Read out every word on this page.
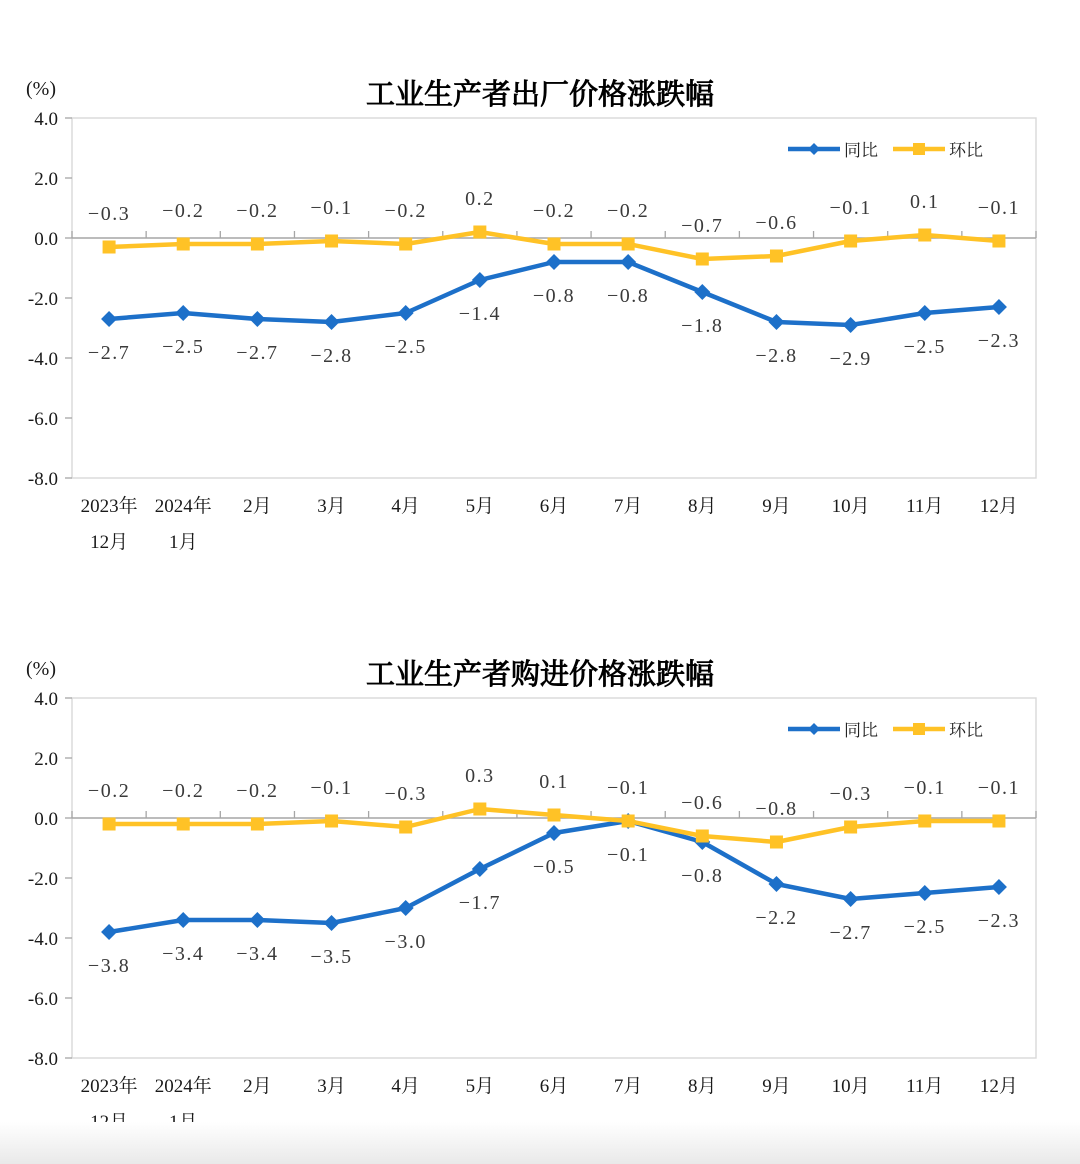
(%)	工业生产者出厂价格涨跌幅
4.0
2.0
0.0
-2.0
-4.0
-6.0
-8.0
−2.7 −2.5 −2.7 −2.8 −2.5
−1.4
−0.8 −0.8
−1.8
−2.8 −2.9
−2.5 −2.3
−0.3 −0.2 −0.2 −0.1 −0.2
0.2
−0.2 −0.2
−0.7 −0.6
−0.1 0.1 −0.1
同比	环比
2023年
12月
2024年
1月
2月 3月 4月 5月 6月 7月 8月 9月 10月 11月 12月
(%)	工业生产者购进价格涨跌幅
4.0
2.0
0.0
-2.0
-4.0
-6.0
-8.0
−3.8
−3.4 −3.4 −3.5
−3.0
−1.7
−0.5
−0.1
−0.8
−2.2
−2.7 −2.5 −2.3
−0.2 −0.2 −0.2 −0.1 −0.3
0.3 0.1 −0.1
−0.6 −0.8
−0.3 −0.1 −0.1
同比	环比
2023年 2024年 2月 3月 4月 5月 6月 7月 8月 9月 10月 11月 12月
